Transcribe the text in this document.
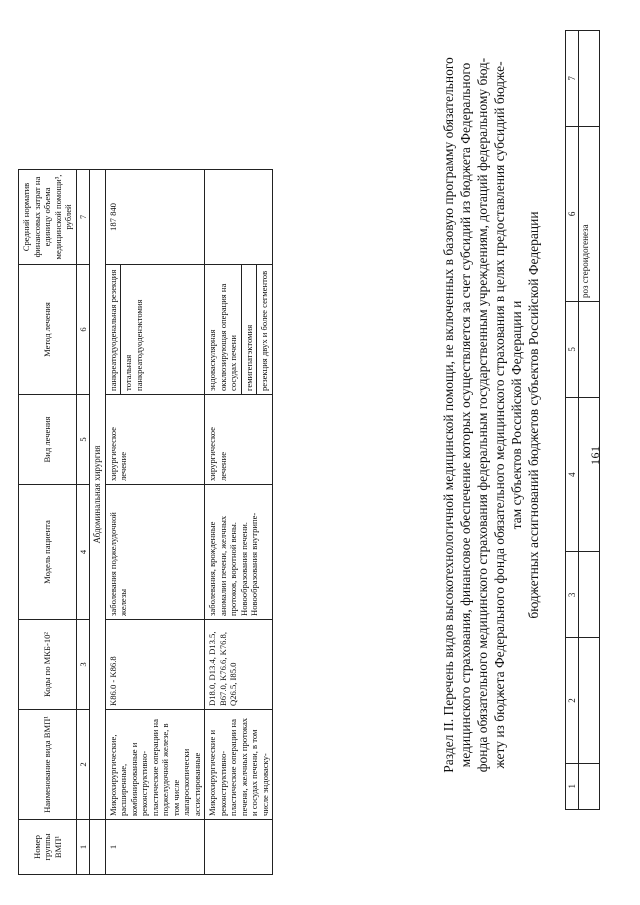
161
1	2	3	4	5	6	7
					роз стероидогенеза	
Раздел II. Перечень видов высокотехнологичной медицинской помощи, не включенных в базовую программу обязательного медицинского страхования, финансовое обеспечение которых осуществляется за счет субсидий из бюджета Федерального фонда обязательного медицинского страхования федеральным государственным учреждениям, дотаций федеральному бюд- жету из бюджета Федерального фонда обязательного медицинского страхования в целях предоставления субсидий бюдже- там субъектов Российской Федерации и бюджетных ассигнований бюджетов субъектов Российской Федерации
Номер группы ВМП¹	Наименование вида ВМП¹	Коды по МКБ-10²	Модель пациента	Вид лечения	Метод лечения	Средний норматив финансовых затрат на единицу объема медицинской помощи³, рублей
1	2	3	4	5	6	7
	Абдоминальная хирургия					
1	Микрохирургические, расширенные, комбинированные и реконструктивно-пластические операции на поджелудочной железе, в том числе лапароскопически ассистированные	K86.0 - K86.8	заболевания поджелудочной железы	хирургическое лечение	панкреатодуоденальная резекция тотальная панкреатодуоденэктомия	187 840
	Микрохирургические и реконструктивно-пластические операции на печени, желчных протоках и сосудах печени, в том числе эндоваску-	D18.0, D13.4, D13.5, B67.0, K76.6, K76.8, Q26.5, I85.0	заболевания, врожденные аномалии печени, желчных протоков, воротной вены. Новообразования печени. Новообразования внутрипе-	хирургическое лечение	эндоваскулярная окклюзирующая операция на сосудах печени гемигепатэктомия резекция двух и более сегментов	
